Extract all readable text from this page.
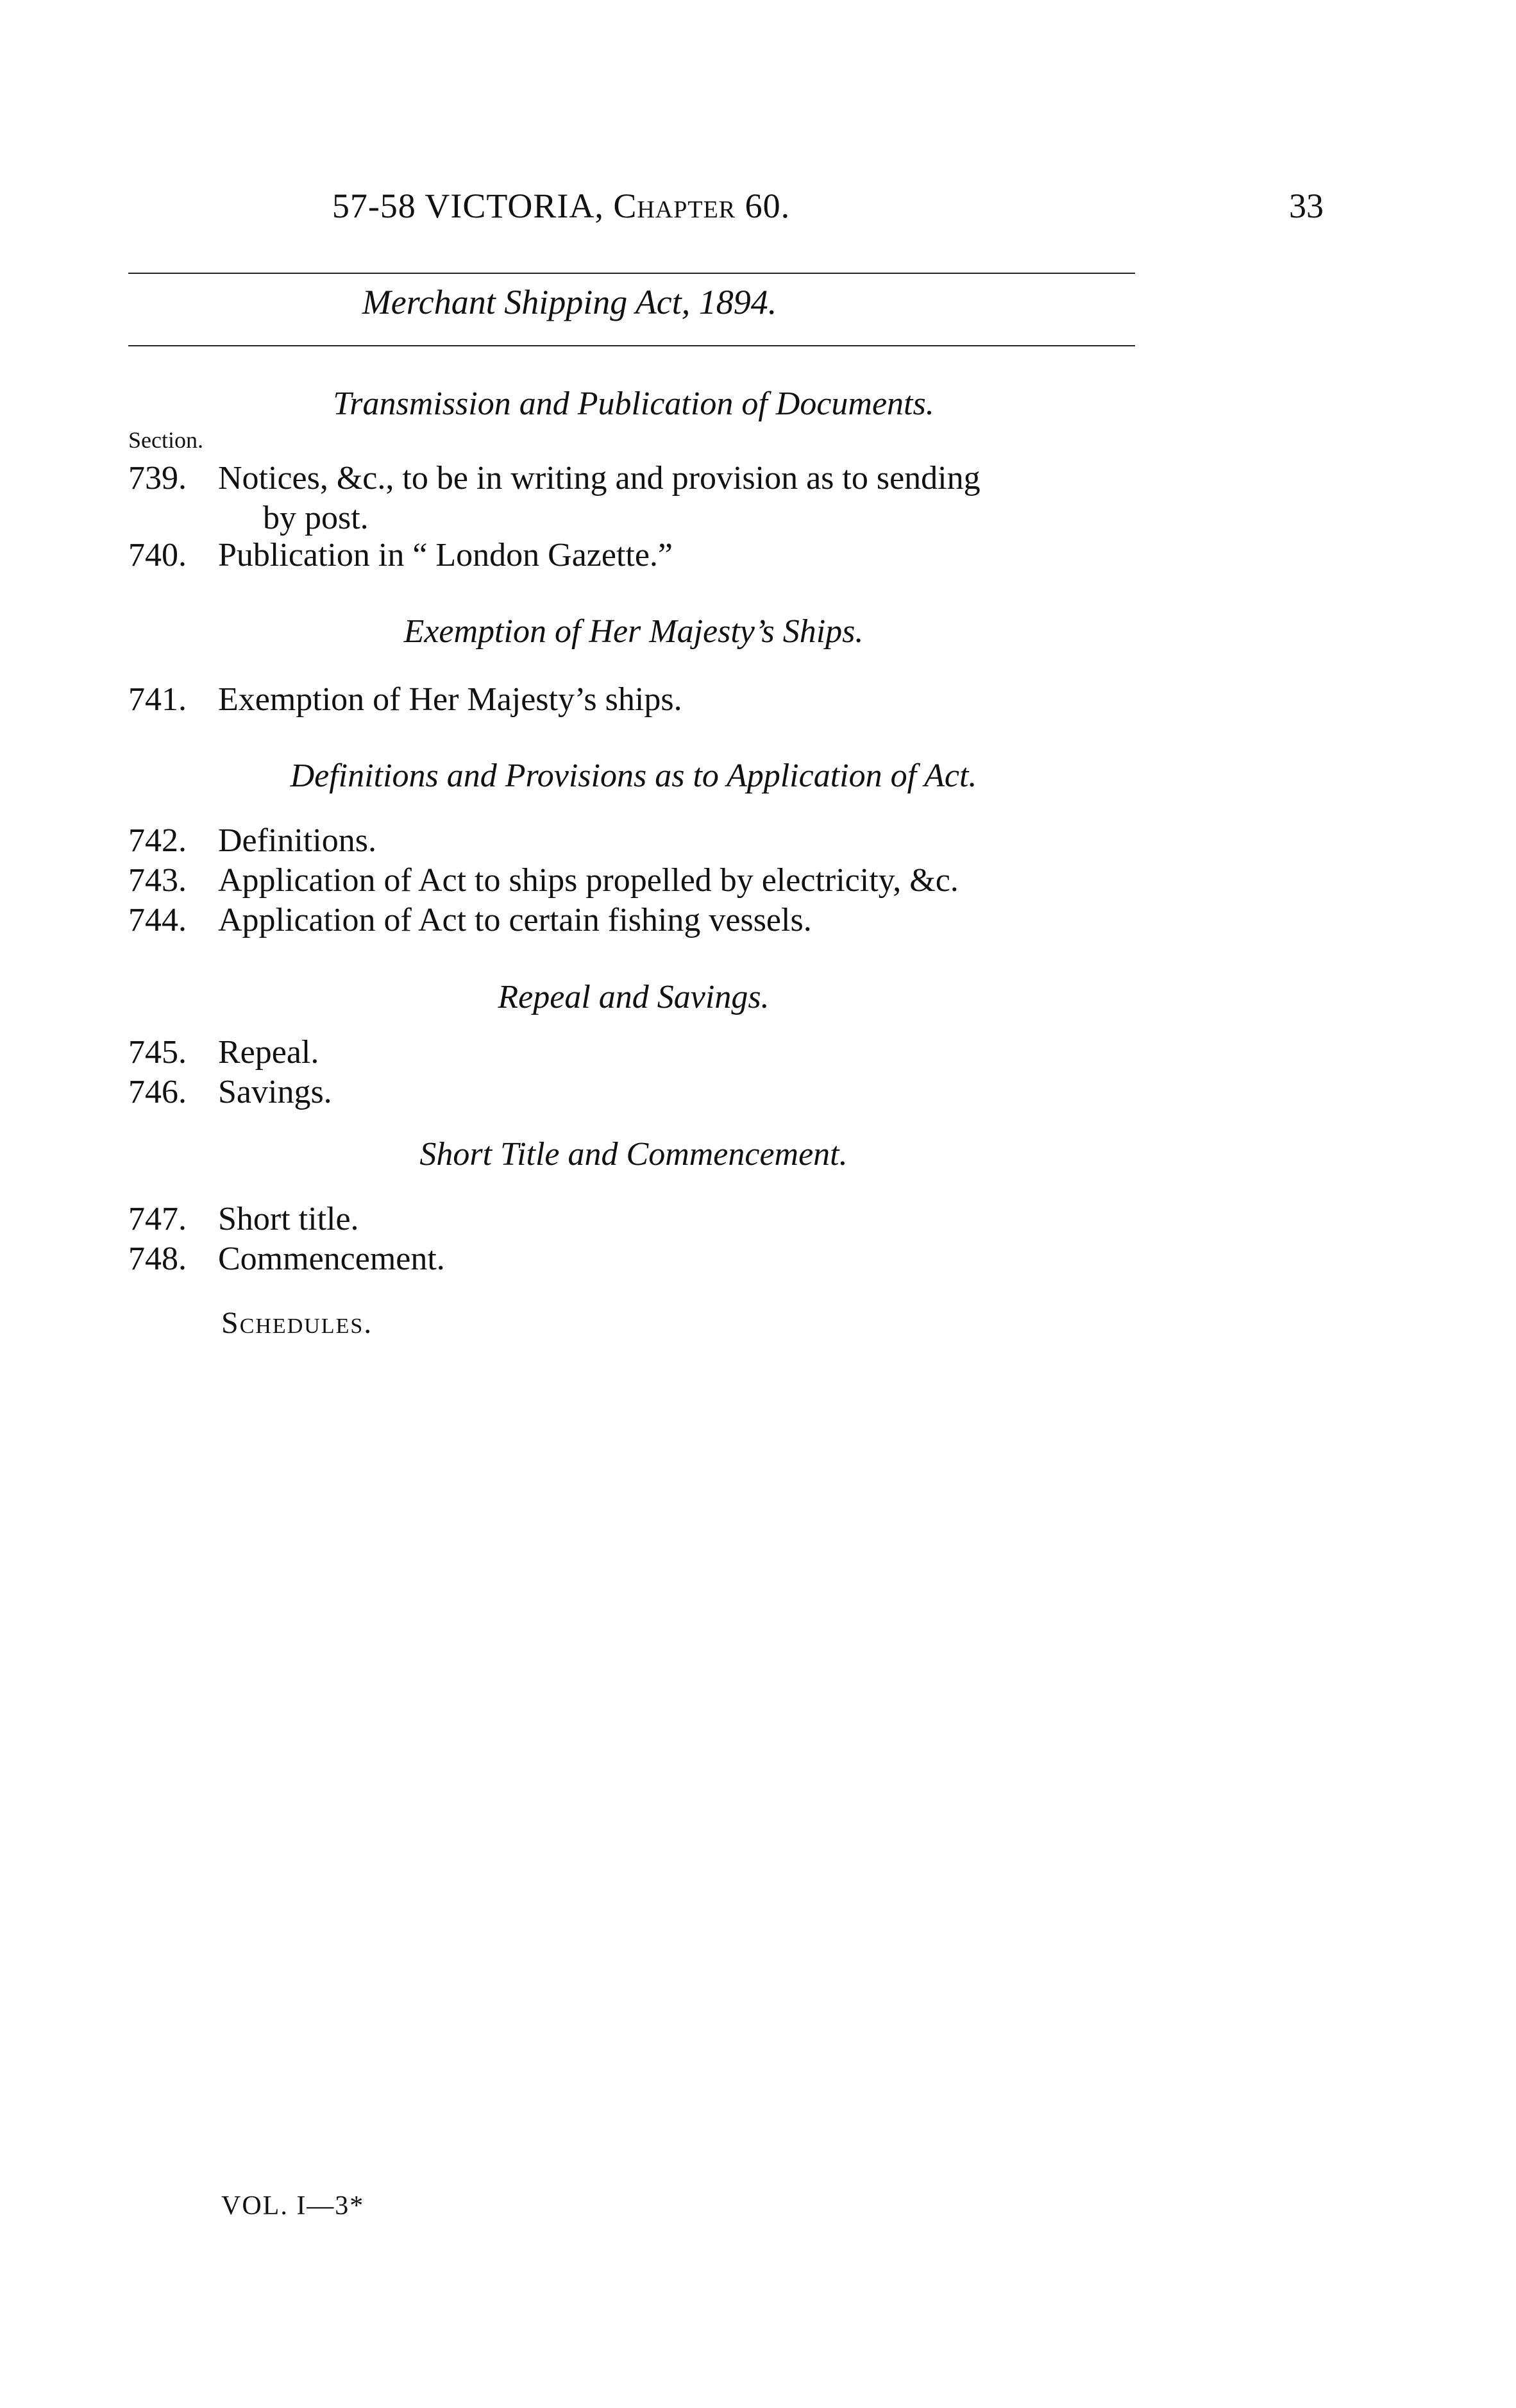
57-58 VICTORIA, Chapter 60.	33
Merchant Shipping Act, 1894.
Transmission and Publication of Documents.
Section.
739. Notices, &c., to be in writing and provision as to sending
by post.
740. Publication in “ London Gazette.”
Exemption of Her Majesty’s Ships.
741. Exemption of Her Majesty’s ships.
Definitions and Provisions as to Application of Act.
742. Definitions.
743. Application of Act to ships propelled by electricity, &c.
744. Application of Act to certain fishing vessels.
Repeal and Savings.
745. Repeal.
746. Savings.
Short Title and Commencement.
747. Short title.
748. Commencement.
Schedules.
VOL. I—3*
